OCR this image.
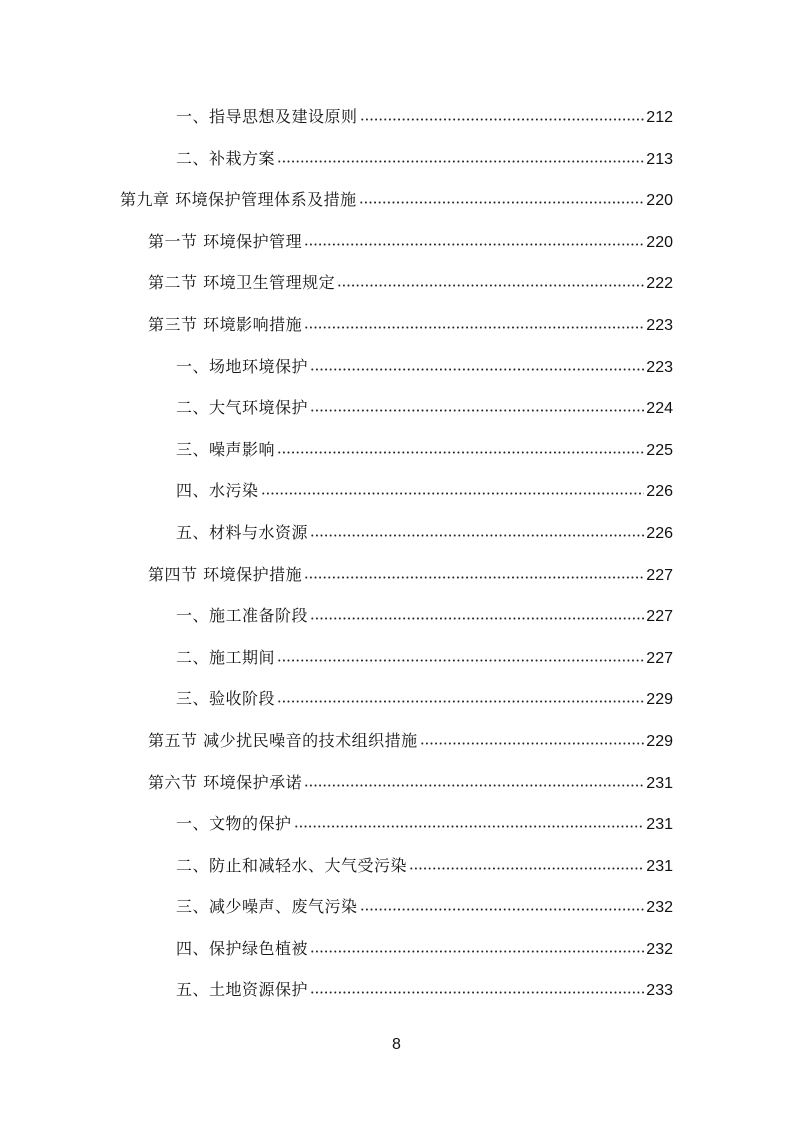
一、指导思想及建设原则	212
二、补栽方案	213
第九章 环境保护管理体系及措施	220
第一节 环境保护管理	220
第二节 环境卫生管理规定	222
第三节 环境影响措施	223
一、场地环境保护	223
二、大气环境保护	224
三、噪声影响	225
四、水污染	226
五、材料与水资源	226
第四节 环境保护措施	227
一、施工准备阶段	227
二、施工期间	227
三、验收阶段	229
第五节 减少扰民噪音的技术组织措施	229
第六节 环境保护承诺	231
一、文物的保护	231
二、防止和减轻水、大气受污染	231
三、减少噪声、废气污染	232
四、保护绿色植被	232
五、土地资源保护	233
8
